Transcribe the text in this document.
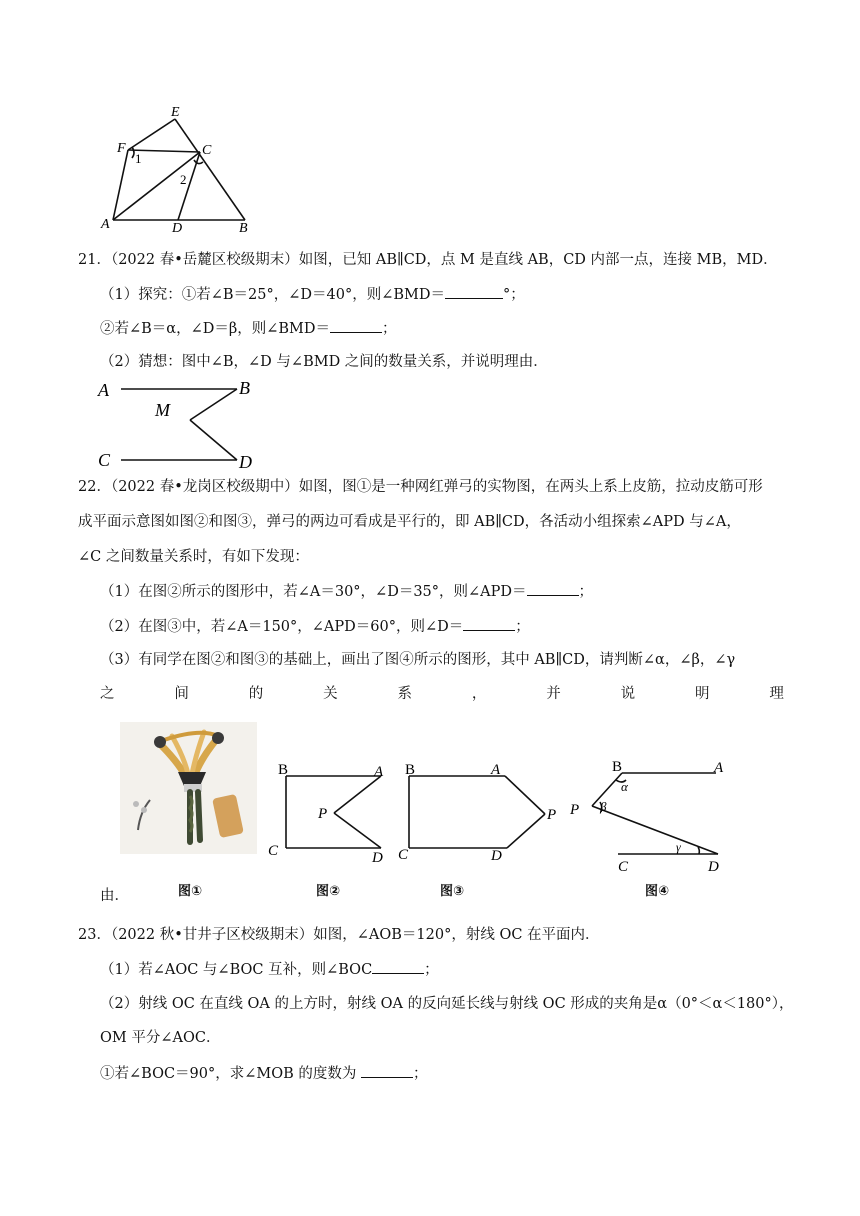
E
F
1
C
2
A	D	B
21．（2022 春•岳麓区校级期末）如图，已知 AB∥CD，点 M 是直线 AB，CD 内部一点，连接 MB，MD．
（1）探究：①若∠B＝25°，∠D＝40°，则∠BMD＝	°；
②若∠B＝α，∠D＝β，则∠BMD＝	；
（2）猜想：图中∠B，∠D 与∠BMD 之间的数量关系，并说明理由．
A	B
M
C	D
22．（2022 春•龙岗区校级期中）如图，图①是一种网红弹弓的实物图，在两头上系上皮筋，拉动皮筋可形
成平面示意图如图②和图③，弹弓的两边可看成是平行的，即 AB∥CD，各活动小组探索∠APD 与∠A，
∠C 之间数量关系时，有如下发现：
（1）在图②所示的图形中，若∠A＝30°，∠D＝35°，则∠APD＝	；
（2）在图③中，若∠A＝150°，∠APD＝60°，则∠D＝	；
（3）有同学在图②和图③的基础上，画出了图④所示的图形，其中 AB∥CD，请判断∠α，∠β，∠γ
之	间	的	关	系	，	并	说	明	理
B	A
P
C	D
B	A
P
C	D
B	A
α
P β
γ
C	D
由．	图①	图②	图③	图④
23．（2022 秋•甘井子区校级期末）如图，∠AOB＝120°，射线 OC 在平面内．
（1）若∠AOC 与∠BOC 互补，则∠BOC	；
（2）射线 OC 在直线 OA 的上方时，射线 OA 的反向延长线与射线 OC 形成的夹角是α（0°＜α＜180°），
OM 平分∠AOC．
①若∠BOC＝90°，求∠MOB 的度数为	；
